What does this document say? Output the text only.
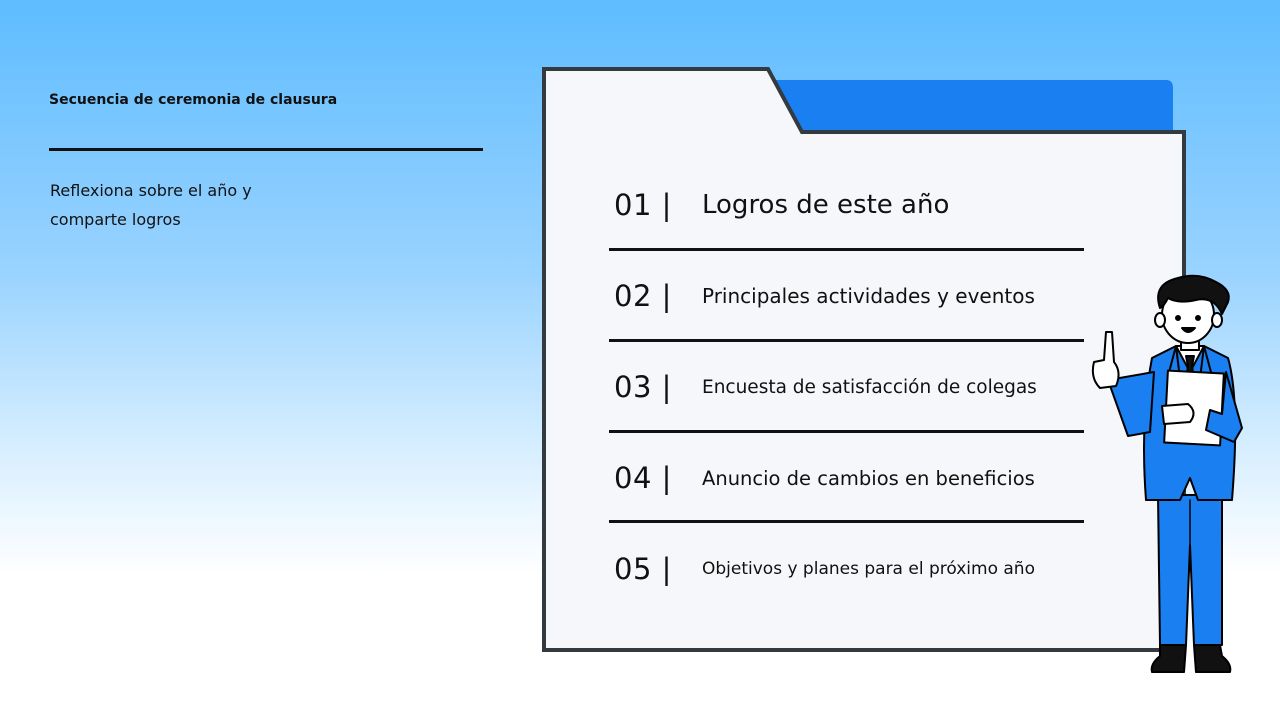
Secuencia de ceremonia de clausura
Reflexiona sobre el año y
comparte logros	01 | Logros de este año
02 | Principales actividades y eventos
03 | Encuesta de satisfacción de colegas
04 | Anuncio de cambios en beneficios
05 | Objetivos y planes para el próximo año
